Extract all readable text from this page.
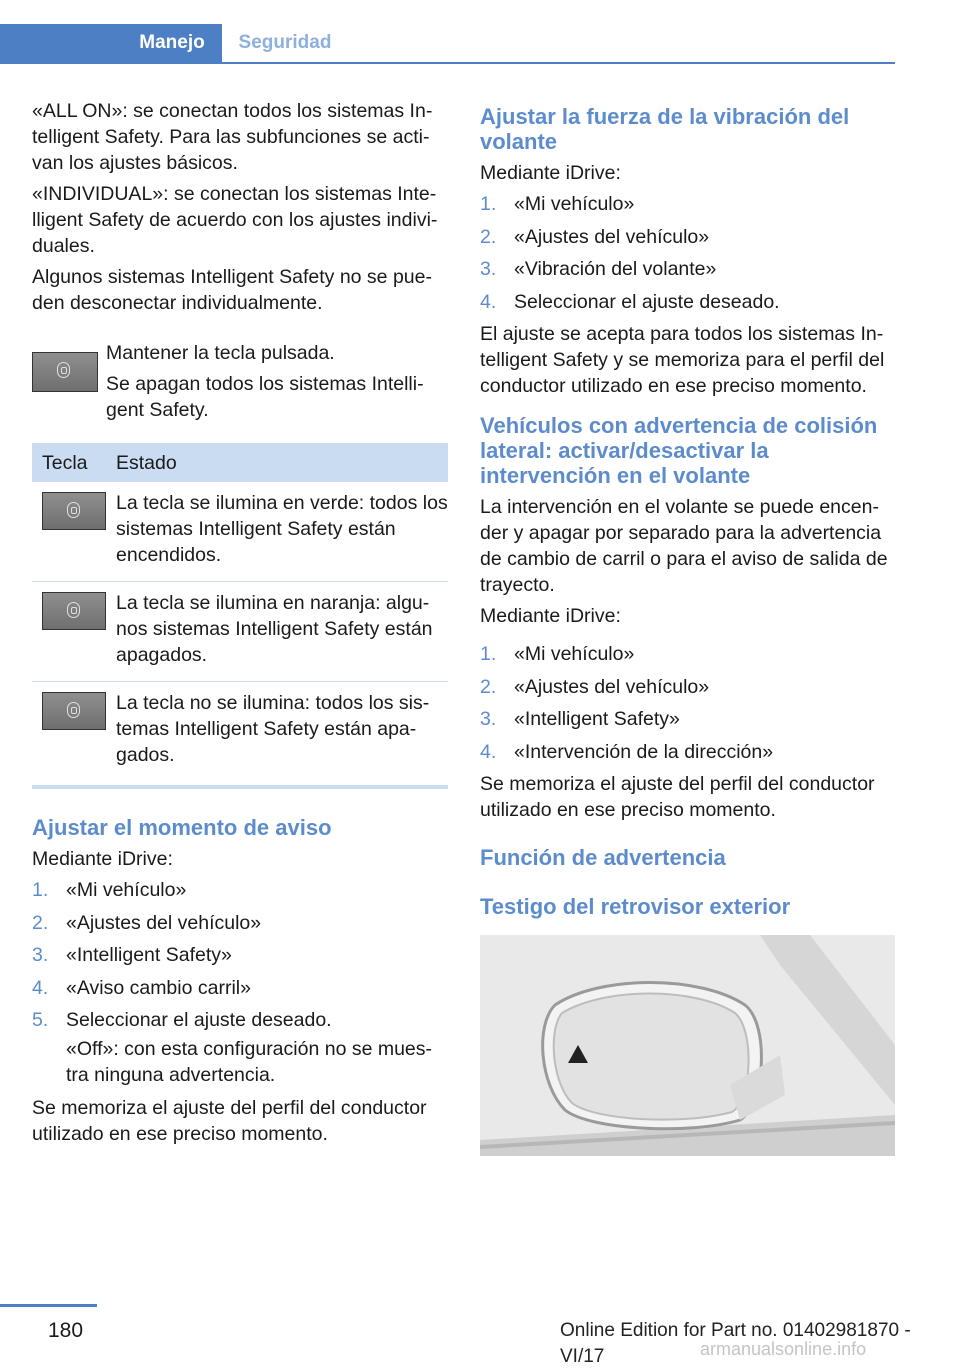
Manejo	Seguridad

«ALL ON»: se conectan todos los sistemas Intelligent Safety. Para las subfunciones se activan los ajustes básicos.

«INDIVIDUAL»: se conectan los sistemas Intelligent Safety de acuerdo con los ajustes individuales.

Algunos sistemas Intelligent Safety no se pueden desconectar individualmente.

Mantener la tecla pulsada.

Se apagan todos los sistemas Intelligent Safety.

Tecla	Estado

	La tecla se ilumina en verde: todos los sistemas Intelligent Safety están encendidos.

	La tecla se ilumina en naranja: algunos sistemas Intelligent Safety están apagados.

	La tecla no se ilumina: todos los sistemas Intelligent Safety están apagados.
Ajustar el momento de aviso

Mediante iDrive:

1. «Mi vehículo»
2. «Ajustes del vehículo»
3. «Intelligent Safety»
4. «Aviso cambio carril»
5. Seleccionar el ajuste deseado.
«Off»: con esta configuración no se muestra ninguna advertencia.

Se memoriza el ajuste del perfil del conductor utilizado en ese preciso momento.

Ajustar la fuerza de la vibración del volante

Mediante iDrive:

1. «Mi vehículo»
2. «Ajustes del vehículo»
3. «Vibración del volante»
4. Seleccionar el ajuste deseado.

El ajuste se acepta para todos los sistemas Intelligent Safety y se memoriza para el perfil del conductor utilizado en ese preciso momento.

Vehículos con advertencia de colisión lateral: activar/desactivar la intervención en el volante

La intervención en el volante se puede encender y apagar por separado para la advertencia de cambio de carril o para el aviso de salida de trayecto.

Mediante iDrive:

1. «Mi vehículo»
2. «Ajustes del vehículo»
3. «Intelligent Safety»
4. «Intervención de la dirección»

Se memoriza el ajuste del perfil del conductor utilizado en ese preciso momento.

Función de advertencia
Testigo del retrovisor exterior
180	Online Edition for Part no. 01402981870 - VI/17	armanualsonline.info
